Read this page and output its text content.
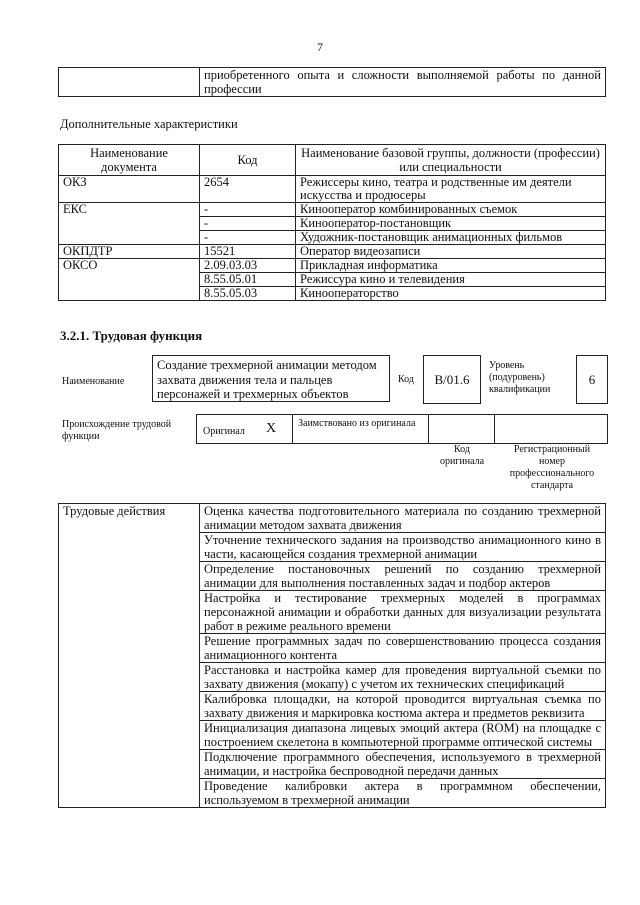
7
	приобретенного опыта и сложности выполняемой работы по данной профессии
Дополнительные характеристики
Наименование документа	Код	Наименование базовой группы, должности (профессии) или специальности
ОКЗ	2654	Режиссеры кино, театра и родственные им деятели искусства и продюсеры
ЕКС	-	Кинооператор комбинированных съемок
	-	Кинооператор-постановщик
	-	Художник-постановщик анимационных фильмов
ОКПДТР	15521	Оператор видеозаписи
ОКСО	2.09.03.03	Прикладная информатика
	8.55.05.01	Режиссура кино и телевидения
	8.55.05.03	Кинооператорство
3.2.1. Трудовая функция
Наименование
Создание трехмерной анимации методом захвата движения тела и пальцев персонажей и трехмерных объектов
Код	B/01.6
Уровень (подуровень) квалификации
6
Происхождение трудовой функции	Оригинал X Заимствовано из оригинала
Код оригинала
Регистрационный номер профессионального стандарта
Трудовые действия	Оценка качества подготовительного материала по созданию трехмерной анимации методом захвата движения
Уточнение технического задания на производство анимационного кино в части, касающейся создания трехмерной анимации
Определение постановочных решений по созданию трехмерной анимации для выполнения поставленных задач и подбор актеров
Настройка и тестирование трехмерных моделей в программах персонажной анимации и обработки данных для визуализации результата работ в режиме реального времени
Решение программных задач по совершенствованию процесса создания анимационного контента
Расстановка и настройка камер для проведения виртуальной съемки по захвату движения (мокапу) с учетом их технических спецификаций
Калибровка площадки, на которой проводится виртуальная съемка по захвату движения и маркировка костюма актера и предметов реквизита
Инициализация диапазона лицевых эмоций актера (ROM) на площадке с построением скелетона в компьютерной программе оптической системы
Подключение программного обеспечения, используемого в трехмерной анимации, и настройка беспроводной передачи данных
Проведение калибровки актера в программном обеспечении, используемом в трехмерной анимации
